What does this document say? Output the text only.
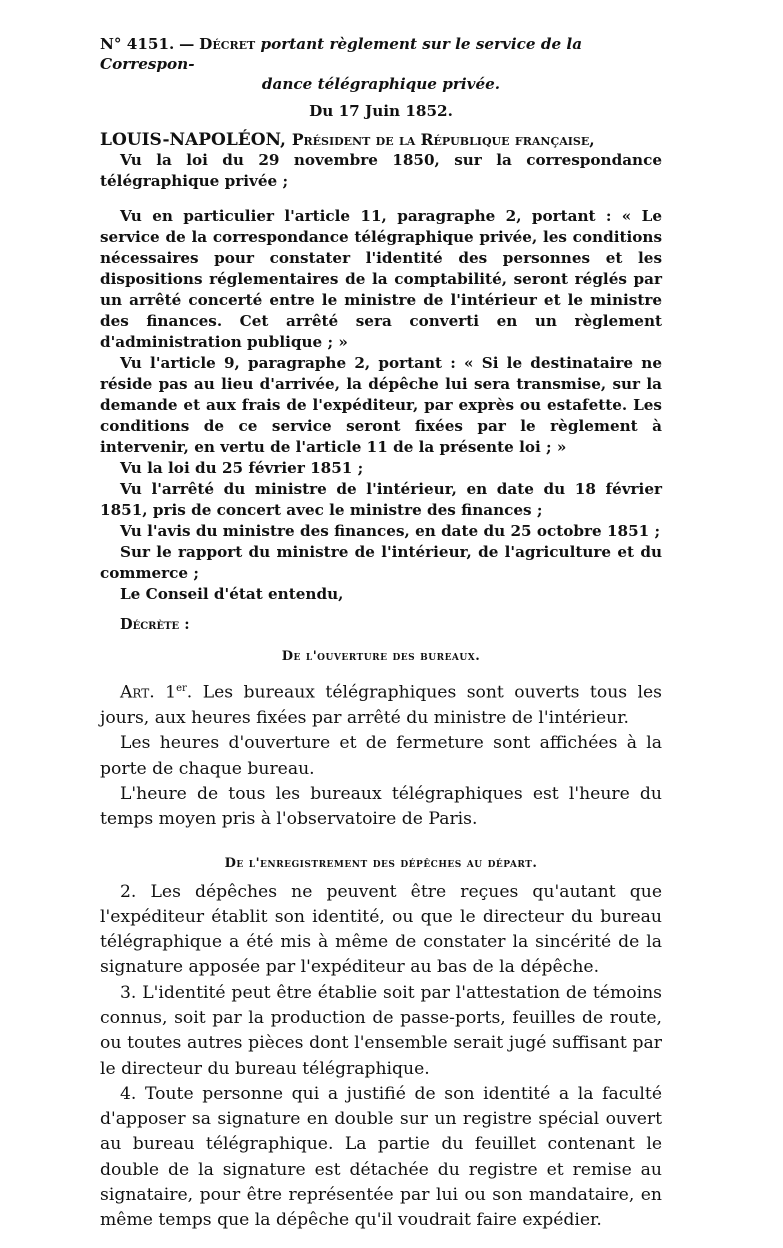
N° 4151. — Décret portant règlement sur le service de la Correspon-
dance télégraphique privée.
Du 17 Juin 1852.
LOUIS-NAPOLÉON, Président de la République française,

Vu la loi du 29 novembre 1850, sur la correspondance télégraphique privée ;

Vu en particulier l'article 11, paragraphe 2, portant : « Le service de la correspondance télégraphique privée, les conditions nécessaires pour constater l'identité des personnes et les dispositions réglementaires de la comptabilité, seront réglés par un arrêté concerté entre le ministre de l'intérieur et le ministre des finances. Cet arrêté sera converti en un règlement d'administration publique ; »

Vu l'article 9, paragraphe 2, portant : « Si le destinataire ne réside pas au lieu d'arrivée, la dépêche lui sera transmise, sur la demande et aux frais de l'expéditeur, par exprès ou estafette. Les conditions de ce service seront fixées par le règlement à intervenir, en vertu de l'article 11 de la présente loi ; »

Vu la loi du 25 février 1851 ;

Vu l'arrêté du ministre de l'intérieur, en date du 18 février 1851, pris de concert avec le ministre des finances ;

Vu l'avis du ministre des finances, en date du 25 octobre 1851 ;

Sur le rapport du ministre de l'intérieur, de l'agriculture et du commerce ;

Le Conseil d'état entendu,

Décrète :
De l'ouverture des bureaux.

Art. 1er. Les bureaux télégraphiques sont ouverts tous les jours, aux heures fixées par arrêté du ministre de l'intérieur.

Les heures d'ouverture et de fermeture sont affichées à la porte de chaque bureau.

L'heure de tous les bureaux télégraphiques est l'heure du temps moyen pris à l'observatoire de Paris.

De l'enregistrement des dépêches au départ.

2. Les dépêches ne peuvent être reçues qu'autant que l'expéditeur établit son identité, ou que le directeur du bureau télégraphique a été mis à même de constater la sincérité de la signature apposée par l'expéditeur au bas de la dépêche.

3. L'identité peut être établie soit par l'attestation de témoins connus, soit par la production de passe-ports, feuilles de route, ou toutes autres pièces dont l'ensemble serait jugé suffisant par le directeur du bureau télégraphique.

4. Toute personne qui a justifié de son identité a la faculté d'apposer sa signature en double sur un registre spécial ouvert au bureau télégraphique. La partie du feuillet contenant le double de la signature est détachée du registre et remise au signataire, pour être représentée par lui ou son mandataire, en même temps que la dépêche qu'il voudrait faire expédier.
